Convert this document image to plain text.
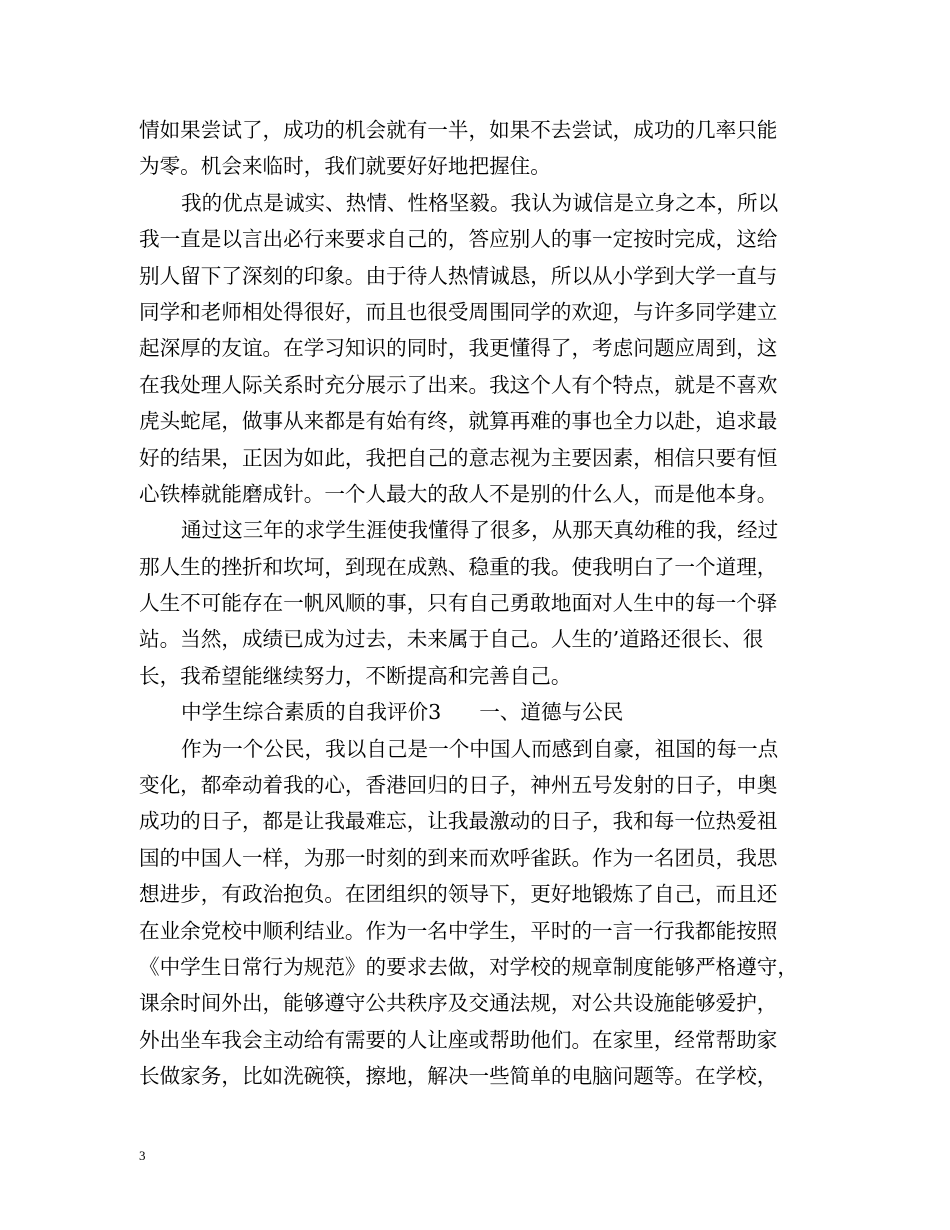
情如果尝试了，成功的机会就有一半，如果不去尝试，成功的几率只能
为零。机会来临时，我们就要好好地把握住。
我的优点是诚实、热情、性格坚毅。我认为诚信是立身之本，所以
我一直是以言出必行来要求自己的，答应别人的事一定按时完成，这给
别人留下了深刻的印象。由于待人热情诚恳，所以从小学到大学一直与
同学和老师相处得很好，而且也很受周围同学的欢迎，与许多同学建立
起深厚的友谊。在学习知识的同时，我更懂得了，考虑问题应周到，这
在我处理人际关系时充分展示了出来。我这个人有个特点，就是不喜欢
虎头蛇尾，做事从来都是有始有终，就算再难的事也全力以赴，追求最
好的结果，正因为如此，我把自己的意志视为主要因素，相信只要有恒
心铁棒就能磨成针。一个人最大的敌人不是别的什么人，而是他本身。
通过这三年的求学生涯使我懂得了很多，从那天真幼稚的我，经过
那人生的挫折和坎坷，到现在成熟、稳重的我。使我明白了一个道理，
人生不可能存在一帆风顺的事，只有自己勇敢地面对人生中的每一个驿
站。当然，成绩已成为过去，未来属于自己。人生的’道路还很长、很
长，我希望能继续努力，不断提高和完善自己。
中学生综合素质的自我评价3 一、道德与公民
作为一个公民，我以自己是一个中国人而感到自豪，祖国的每一点
变化，都牵动着我的心，香港回归的日子，神州五号发射的日子，申奥
成功的日子，都是让我最难忘，让我最激动的日子，我和每一位热爱祖
国的中国人一样，为那一时刻的到来而欢呼雀跃。作为一名团员，我思
想进步，有政治抱负。在团组织的领导下，更好地锻炼了自己，而且还
在业余党校中顺利结业。作为一名中学生，平时的一言一行我都能按照
《中学生日常行为规范》的要求去做，对学校的规章制度能够严格遵守，
课余时间外出，能够遵守公共秩序及交通法规，对公共设施能够爱护，
外出坐车我会主动给有需要的人让座或帮助他们。在家里，经常帮助家
长做家务，比如洗碗筷，擦地，解决一些简单的电脑问题等。在学校，
3
